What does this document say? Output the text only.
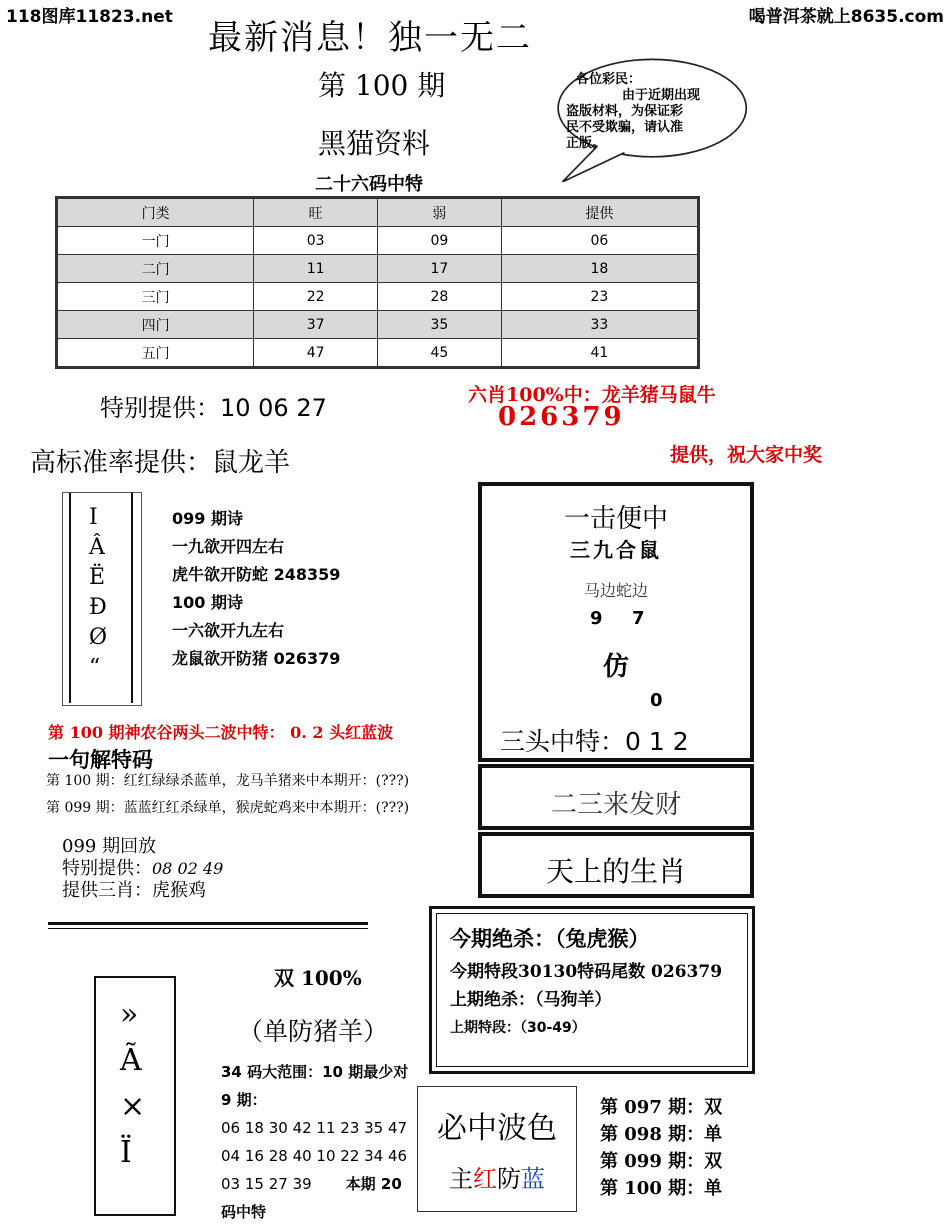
118图库11823.net	喝普洱茶就上8635.com
最新消息！独一无二
第 100 期
黑猫资料
二十六码中特
各位彩民：
由于近期出现
盗版材料，为保证彩
民不受欺骗，请认准
正版。
门类	旺	弱	提供
一门	03	09	06
二门	11	17	18
三门	22	28	23
四门	37	35	33
五门	47	45	41
特别提供：10 06 27	六肖100%中：龙羊猪马鼠牛
026379
提供，祝大家中奖
高标准率提供：鼠龙羊
Ⅰ
Â
Ë
Ð
Ø
“
099 期诗
一九欲开四左右
虎牛欲开防蛇 248359
100 期诗
一六欲开九左右
龙鼠欲开防猪 026379
一击便中
三九合鼠
马边蛇边
9 7
仿
0
三头中特：0 1 2
二三来发财
天上的生肖
第 100 期神农谷两头二波中特： 0. 2 头红蓝波
一句解特码
第 100 期：红红绿绿杀蓝单，龙马羊猪来中本期开：(???)
第 099 期：蓝蓝红红杀绿单，猴虎蛇鸡来中本期开：(???)
099 期回放
特别提供：08 02 49
提供三肖：虎猴鸡
»
Ã
×
Ï
双 100%
（单防猪羊）
34 码大范围：10 期最少对
9 期：
06 18 30 42 11 23 35 47
04 16 28 40 10 22 34 46
03 15 27 39 本期 20
码中特
今期绝杀：（兔虎猴）
今期特段30130特码尾数 026379
上期绝杀：（马狗羊）
上期特段：（30-49）
必中波色
主红防蓝
第 097 期：双
第 098 期：单
第 099 期：双
第 100 期：单
